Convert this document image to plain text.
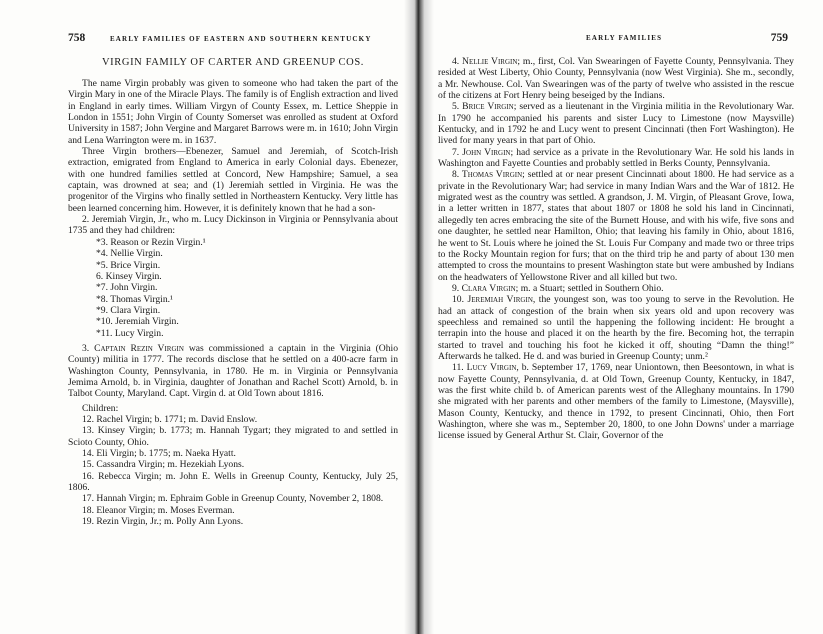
758	EARLY FAMILIES OF EASTERN AND SOUTHERN KENTUCKY
VIRGIN FAMILY OF CARTER AND GREENUP COS.

The name Virgin probably was given to someone who had taken the part of the Virgin Mary in one of the Miracle Plays. The family is of English extraction and lived in England in early times. William Virgyn of County Essex, m. Lettice Sheppie in London in 1551; John Virgin of County Somerset was enrolled as student at Oxford University in 1587; John Vergine and Margaret Barrows were m. in 1610; John Virgin and Lena Warrington were m. in 1637.

Three Virgin brothers—Ebenezer, Samuel and Jeremiah, of Scotch-Irish extraction, emigrated from England to America in early Colonial days. Ebenezer, with one hundred families settled at Concord, New Hampshire; Samuel, a sea captain, was drowned at sea; and (1) Jeremiah settled in Virginia. He was the progenitor of the Virgins who finally settled in Northeastern Kentucky. Very little has been learned concerning him. However, it is definitely known that he had a son-

2. Jeremiah Virgin, Jr., who m. Lucy Dickinson in Virginia or Pennsylvania about 1735 and they had children:

*3. Reason or Rezin Virgin.¹
*4. Nellie Virgin.
*5. Brice Virgin.
6. Kinsey Virgin.
*7. John Virgin.
*8. Thomas Virgin.¹
*9. Clara Virgin.
*10. Jeremiah Virgin.
*11. Lucy Virgin.

3. Captain Rezin Virgin was commissioned a captain in the Virginia (Ohio County) militia in 1777. The records disclose that he settled on a 400-acre farm in Washington County, Pennsylvania, in 1780. He m. in Virginia or Pennsylvania Jemima Arnold, b. in Virginia, daughter of Jonathan and Rachel Scott) Arnold, b. in Talbot County, Maryland. Capt. Virgin d. at Old Town about 1816.

Children:

12. Rachel Virgin; b. 1771; m. David Enslow.

13. Kinsey Virgin; b. 1773; m. Hannah Tygart; they migrated to and settled in Scioto County, Ohio.

14. Eli Virgin; b. 1775; m. Naeka Hyatt.

15. Cassandra Virgin; m. Hezekiah Lyons.

16. Rebecca Virgin; m. John E. Wells in Greenup County, Kentucky, July 25, 1806.

17. Hannah Virgin; m. Ephraim Goble in Greenup County, November 2, 1808.

18. Eleanor Virgin; m. Moses Everman.

19. Rezin Virgin, Jr.; m. Polly Ann Lyons.

EARLY FAMILIES	759

4. Nellie Virgin; m., first, Col. Van Swearingen of Fayette County, Pennsylvania. They resided at West Liberty, Ohio County, Pennsylvania (now West Virginia). She m., secondly, a Mr. Newhouse. Col. Van Swearingen was of the party of twelve who assisted in the rescue of the citizens at Fort Henry being beseiged by the Indians.

5. Brice Virgin; served as a lieutenant in the Virginia militia in the Revolutionary War. In 1790 he accompanied his parents and sister Lucy to Limestone (now Maysville) Kentucky, and in 1792 he and Lucy went to present Cincinnati (then Fort Washington). He lived for many years in that part of Ohio.

7. John Virgin; had service as a private in the Revolutionary War. He sold his lands in Washington and Fayette Counties and probably settled in Berks County, Pennsylvania.

8. Thomas Virgin; settled at or near present Cincinnati about 1800. He had service as a private in the Revolutionary War; had service in many Indian Wars and the War of 1812. He migrated west as the country was settled. A grandson, J. M. Virgin, of Pleasant Grove, Iowa, in a letter written in 1877, states that about 1807 or 1808 he sold his land in Cincinnati, allegedly ten acres embracing the site of the Burnett House, and with his wife, five sons and one daughter, he settled near Hamilton, Ohio; that leaving his family in Ohio, about 1816, he went to St. Louis where he joined the St. Louis Fur Company and made two or three trips to the Rocky Mountain region for furs; that on the third trip he and party of about 130 men attempted to cross the mountains to present Washington state but were ambushed by Indians on the headwaters of Yellowstone River and all killed but two.

9. Clara Virgin; m. a Stuart; settled in Southern Ohio.

10. Jeremiah Virgin, the youngest son, was too young to serve in the Revolution. He had an attack of congestion of the brain when six years old and upon recovery was speechless and remained so until the happening the following incident: He brought a terrapin into the house and placed it on the hearth by the fire. Becoming hot, the terrapin started to travel and touching his foot he kicked it off, shouting “Damn the thing!” Afterwards he talked. He d. and was buried in Greenup County; unm.²

11. Lucy Virgin, b. September 17, 1769, near Uniontown, then Beesontown, in what is now Fayette County, Pennsylvania, d. at Old Town, Greenup County, Kentucky, in 1847, was the first white child b. of American parents west of the Alleghany mountains. In 1790 she migrated with her parents and other members of the family to Limestone, (Maysville), Mason County, Kentucky, and thence in 1792, to present Cincinnati, Ohio, then Fort Washington, where she was m., September 20, 1800, to one John Downs' under a marriage license issued by General Arthur St. Clair, Governor of the
